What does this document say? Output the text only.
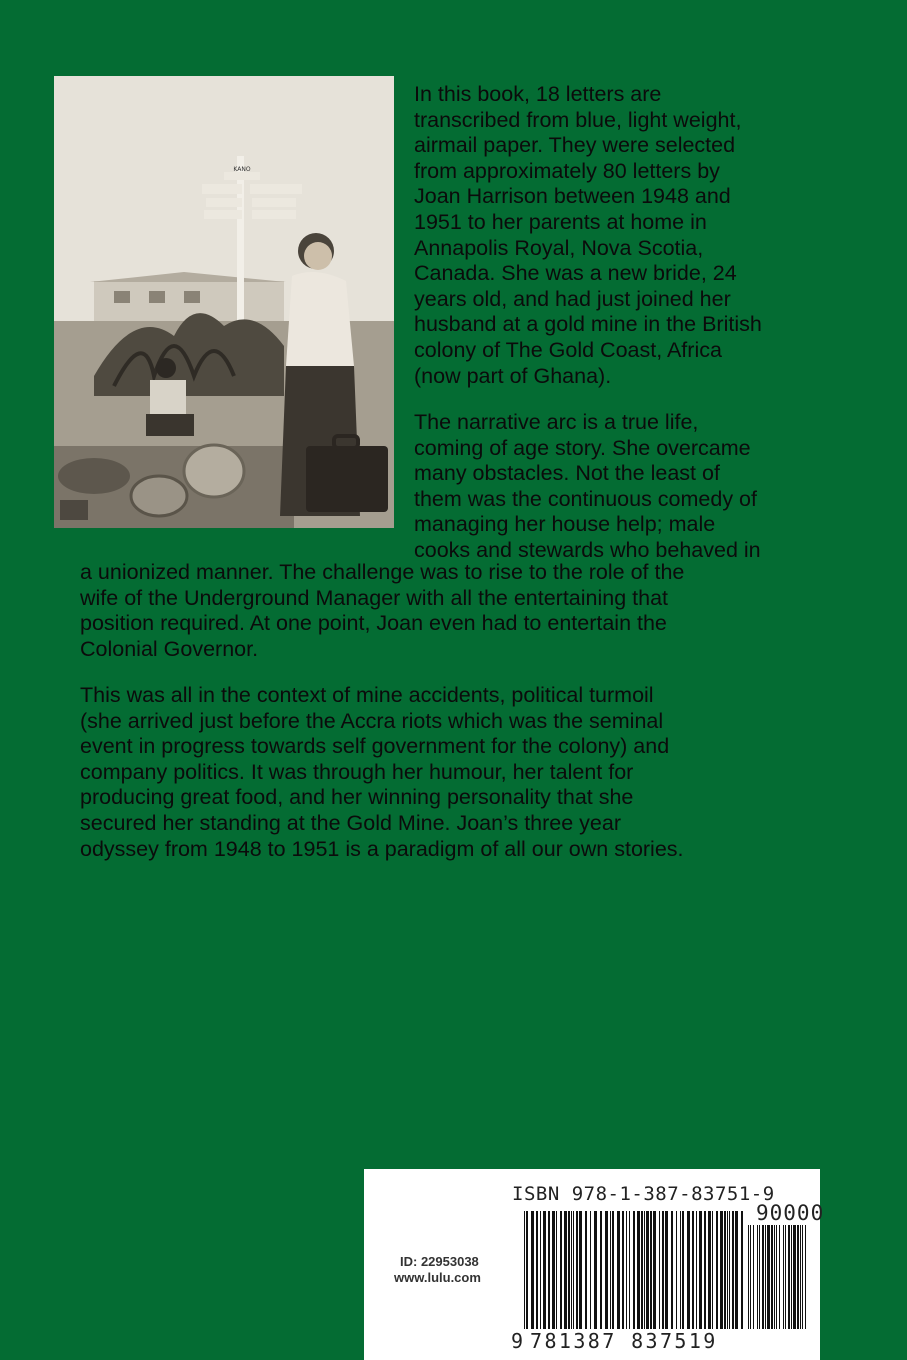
KANO

In this book, 18 letters are
transcribed from blue, light weight,
airmail paper. They were selected
from approximately 80 letters by
Joan Harrison between 1948 and
1951 to her parents at home in
Annapolis Royal, Nova Scotia,
Canada. She was a new bride, 24
years old, and had just joined her
husband at a gold mine in the British
colony of The Gold Coast, Africa
(now part of Ghana).

The narrative arc is a true life,
coming of age story. She overcame
many obstacles. Not the least of
them was the continuous comedy of
managing her house help; male
cooks and stewards who behaved in

a unionized manner. The challenge was to rise to the role of the
wife of the Underground Manager with all the entertaining that
position required. At one point, Joan even had to entertain the
Colonial Governor.

This was all in the context of mine accidents, political turmoil
(she arrived just before the Accra riots which was the seminal
event in progress towards self government for the colony) and
company politics. It was through her humour, her talent for
producing great food, and her winning personality that she
secured her standing at the Gold Mine. Joan’s three year
odyssey from 1948 to 1951 is a paradigm of all our own stories.

ISBN 978-1-387-83751-9
90000
9 781387 837519
ID: 22953038
www.lulu.com
